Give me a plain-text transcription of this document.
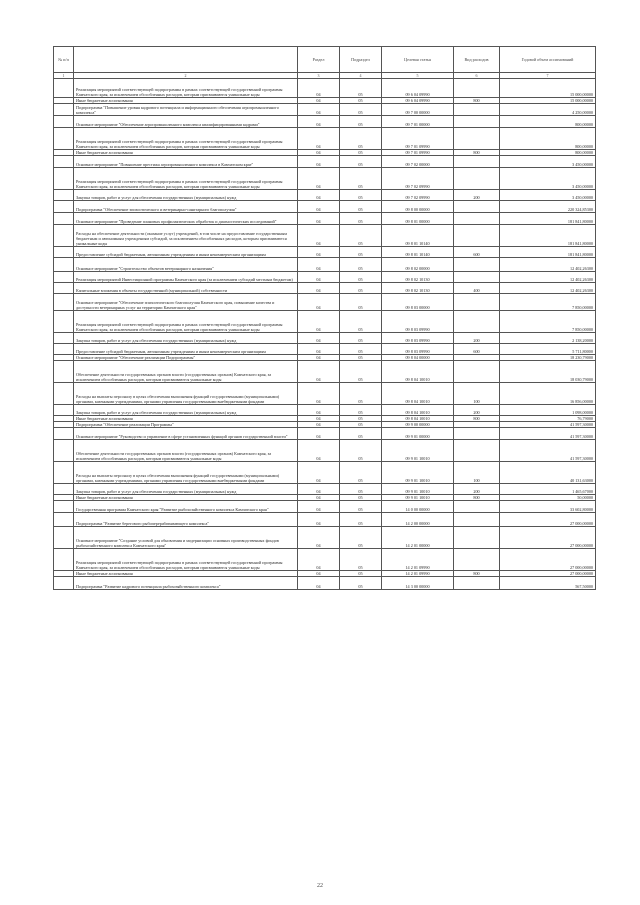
№ п/п		Раздел	Подраздел	Целевая статья	Вид расходов	Годовой объем ассигнований
1	2	3	4	5	6	7
	Реализация мероприятий соответствующей подпрограммы в рамках соответствующей государственной программы Камчатского края, за исключением обособленных расходов, которым присваиваются уникальные коды	04	05	09 6 04 09990		15 000,00000
	Иные бюджетные ассигнования	04	05	09 6 04 09990	800	15 000,00000
	Подпрограмма "Повышение уровня кадрового потенциала и информационного обеспечения агропромышленного комплекса"	04	05	09 7 00 00000		4 250,00000
	Основное мероприятие "Обеспечение агропромышленного комплекса квалифицированными кадрами"	04	05	09 7 01 00000		800,00000
	Реализация мероприятий соответствующей подпрограммы в рамках соответствующей государственной программы Камчатского края, за исключением обособленных расходов, которым присваиваются уникальные коды	04	05	09 7 01 09990		800,00000
	Иные бюджетные ассигнования	04	05	09 7 01 09990	800	800,00000
	Основное мероприятие "Повышение престижа агропромышленного комплекса в Камчатском крае"	04	05	09 7 02 00000		3 450,00000
	Реализация мероприятий соответствующей подпрограммы в рамках соответствующей государственной программы Камчатского края, за исключением обособленных расходов, которым присваиваются уникальные коды	04	05	09 7 02 09990		3 450,00000
	Закупка товаров, работ и услуг для обеспечения государственных (муниципальных) нужд	04	05	09 7 02 09990	200	3 450,00000
	Подпрограмма "Обеспечение эпизоотического и ветеринарно-санитарного благополучия"	04	05	09 8 00 00000		220 324,85300
	Основное мероприятие "Проведение плановых профилактических обработок и диагностических исследований"	04	05	09 8 01 00000		181 841,80000
	Расходы на обеспечение деятельности (оказание услуг) учреждений, в том числе на предоставление государственным бюджетным и автономным учреждениям субсидий, за исключением обособленных расходов, которым присваиваются уникальные коды	04	05	09 8 01 10140		181 841,80000
	Предоставление субсидий бюджетным, автономным учреждениям и иным некоммерческим организациям	04	05	09 8 01 10140	600	181 841,80000
	Основное мероприятие "Строительство объектов ветеринарного назначения"	04	05	09 8 02 00000		12 402,26300
	Реализация мероприятий Инвестиционной программы Камчатского края (за исключением субсидий местным бюджетам)	04	05	09 8 02 10130		12 402,26300
	Капитальные вложения в объекты государственной (муниципальной) собственности	04	05	09 8 02 10130	400	12 402,26300
	Основное мероприятие "Обеспечение эпизоотического благополучия Камчатского края, повышение качества и доступности ветеринарных услуг на территории Камчатского края"	04	05	09 8 03 00000		7 850,00000
	Реализация мероприятий соответствующей подпрограммы в рамках соответствующей государственной программы Камчатского края, за исключением обособленных расходов, которым присваиваются уникальные коды	04	05	09 8 03 09990		7 850,00000
	Закупка товаров, работ и услуг для обеспечения государственных (муниципальных) нужд	04	05	09 8 03 09990	200	2 138,20000
	Предоставление субсидий бюджетным, автономным учреждениям и иным некоммерческим организациям	04	05	09 8 03 09990	600	5 711,80000
	Основное мероприятие "Обеспечение реализации Подпрограммы"	04	05	09 8 04 00000		18 230,79000
	Обеспечение деятельности государственных органов власти (государственных органов) Камчатского края, за исключением обособленных расходов, которым присваиваются уникальные коды	04	05	09 8 04 10010		18 030,79000
	Расходы на выплаты персоналу в целях обеспечения выполнения функций государственными (муниципальными) органами, казенными учреждениями, органами управления государственными внебюджетными фондами	04	05	09 8 04 10010	100	16 856,00000
	Закупка товаров, работ и услуг для обеспечения государственных (муниципальных) нужд	04	05	09 8 04 10010	200	1 098,00000
	Иные бюджетные ассигнования	04	05	09 8 04 10010	800	76,79000
	Подпрограмма "Обеспечение реализации Программы"	04	05	09 9 00 00000		41 597,30000
	Основное мероприятие "Руководство и управление в сфере установленных функций органов государственной власти"	04	05	09 9 01 00000		41 597,30000
	Обеспечение деятельности государственных органов власти (государственных органов) Камчатского края, за исключением обособленных расходов, которым присваиваются уникальные коды	04	05	09 9 01 10010		41 597,30000
	Расходы на выплаты персоналу в целях обеспечения выполнения функций государственными (муниципальными) органами, казенными учреждениями, органами управления государственными внебюджетными фондами	04	05	09 9 01 10010	100	40 131,63000
	Закупка товаров, работ и услуг для обеспечения государственных (муниципальных) нужд	04	05	09 9 01 10010	200	1 465,67000
	Иные бюджетные ассигнования	04	05	09 9 01 10010	800	50,00000
	Государственная программа Камчатского края "Развитие рыбохозяйственного комплекса Камчатского края"	04	05	14 0 00 00000		33 602,80000
	Подпрограмма "Развитие берегового рыбоперерабатывающего комплекса"	04	05	14 2 00 00000		27 000,00000
	Основное мероприятие "Создание условий для обновления и модернизации основных производственных фондов рыбохозяйственного комплекса Камчатского края"	04	05	14 2 01 00000		27 000,00000
	Реализация мероприятий соответствующей подпрограммы в рамках соответствующей государственной программы Камчатского края, за исключением обособленных расходов, которым присваиваются уникальные коды	04	05	14 2 01 09990		27 000,00000
	Иные бюджетные ассигнования	04	05	14 2 01 09990	800	27 000,00000
	Подпрограмма "Развитие кадрового потенциала рыбохозяйственного комплекса"	04	05	14 3 00 00000		567,50000
22
